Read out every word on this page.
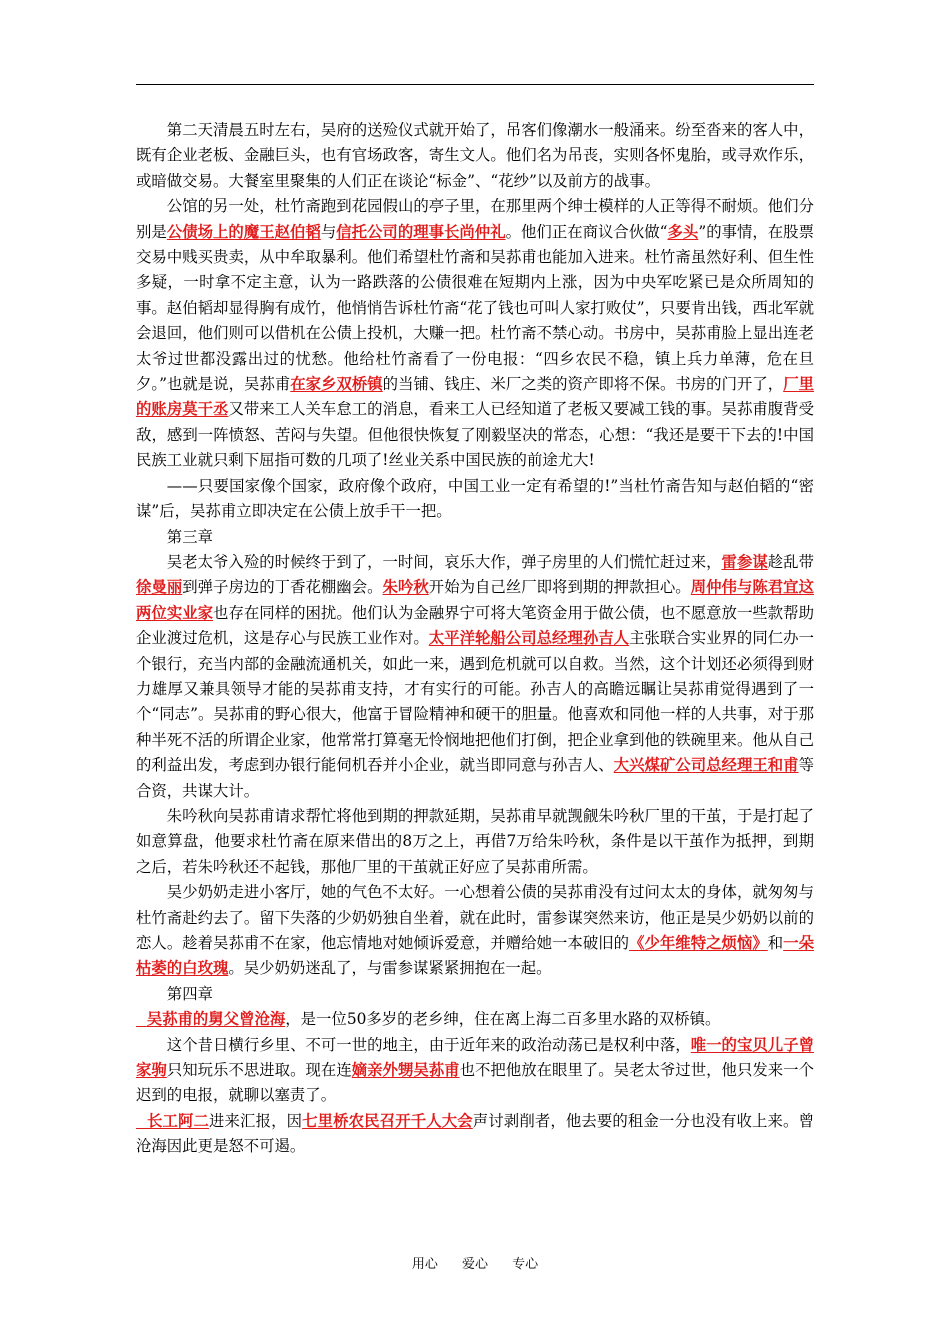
第二天清晨五时左右，吴府的送殓仪式就开始了，吊客们像潮水一般涌来。纷至沓来的客人中，既有企业老板、金融巨头，也有官场政客，寄生文人。他们名为吊丧，实则各怀鬼胎，或寻欢作乐，或暗做交易。大餐室里聚集的人们正在谈论“标金”、“花纱”以及前方的战事。

公馆的另一处，杜竹斋跑到花园假山的亭子里，在那里两个绅士模样的人正等得不耐烦。他们分别是公债场上的魔王赵伯韬与信托公司的理事长尚仲礼。他们正在商议合伙做“多头”的事情，在股票交易中贱买贵卖，从中牟取暴利。他们希望杜竹斋和吴荪甫也能加入进来。杜竹斋虽然好利、但生性多疑，一时拿不定主意，认为一路跌落的公债很难在短期内上涨，因为中央军吃紧已是众所周知的事。赵伯韬却显得胸有成竹，他悄悄告诉杜竹斋“花了钱也可叫人家打败仗”，只要肯出钱，西北军就会退回，他们则可以借机在公债上投机，大赚一把。杜竹斋不禁心动。书房中，吴荪甫脸上显出连老太爷过世都没露出过的忧愁。他给杜竹斋看了一份电报：“四乡农民不稳，镇上兵力单薄，危在旦夕。”也就是说，吴荪甫在家乡双桥镇的当铺、钱庄、米厂之类的资产即将不保。书房的门开了，厂里的账房莫干丞又带来工人关车怠工的消息，看来工人已经知道了老板又要减工钱的事。吴荪甫腹背受敌，感到一阵愤怒、苦闷与失望。但他很快恢复了刚毅坚决的常态，心想：“我还是要干下去的!中国民族工业就只剩下屈指可数的几项了!丝业关系中国民族的前途尤大!

——只要国家像个国家，政府像个政府，中国工业一定有希望的!”当杜竹斋告知与赵伯韬的“密谋”后，吴荪甫立即决定在公债上放手干一把。

第三章

吴老太爷入殓的时候终于到了，一时间，哀乐大作，弹子房里的人们慌忙赶过来，雷参谋趁乱带徐曼丽到弹子房边的丁香花棚幽会。朱吟秋开始为自己丝厂即将到期的押款担心。周仲伟与陈君宜这两位实业家也存在同样的困扰。他们认为金融界宁可将大笔资金用于做公债，也不愿意放一些款帮助企业渡过危机，这是存心与民族工业作对。太平洋轮船公司总经理孙吉人主张联合实业界的同仁办一个银行，充当内部的金融流通机关，如此一来，遇到危机就可以自救。当然，这个计划还必须得到财力雄厚又兼具领导才能的吴荪甫支持，才有实行的可能。孙吉人的高瞻远瞩让吴荪甫觉得遇到了一个“同志”。吴荪甫的野心很大，他富于冒险精神和硬干的胆量。他喜欢和同他一样的人共事，对于那种半死不活的所谓企业家，他常常打算毫无怜悯地把他们打倒，把企业拿到他的铁碗里来。他从自己的利益出发，考虑到办银行能伺机吞并小企业，就当即同意与孙吉人、大兴煤矿公司总经理王和甫等合资，共谋大计。

朱吟秋向吴荪甫请求帮忙将他到期的押款延期，吴荪甫早就觊觎朱吟秋厂里的干茧，于是打起了如意算盘，他要求杜竹斋在原来借出的8万之上，再借7万给朱吟秋，条件是以干茧作为抵押，到期之后，若朱吟秋还不起钱，那他厂里的干茧就正好应了吴荪甫所需。

吴少奶奶走进小客厅，她的气色不太好。一心想着公债的吴荪甫没有过问太太的身体，就匆匆与杜竹斋赴约去了。留下失落的少奶奶独自坐着，就在此时，雷参谋突然来访，他正是吴少奶奶以前的恋人。趁着吴荪甫不在家，他忘情地对她倾诉爱意，并赠给她一本破旧的《少年维特之烦恼》和一朵枯萎的白玫瑰。吴少奶奶迷乱了，与雷参谋紧紧拥抱在一起。

第四章

吴荪甫的舅父曾沧海，是一位50多岁的老乡绅，住在离上海二百多里水路的双桥镇。

这个昔日横行乡里、不可一世的地主，由于近年来的政治动荡已是权利中落，唯一的宝贝儿子曾家驹只知玩乐不思进取。现在连嫡亲外甥吴荪甫也不把他放在眼里了。吴老太爷过世，他只发来一个迟到的电报，就聊以塞责了。

长工阿二进来汇报，因七里桥农民召开千人大会声讨剥削者，他去要的租金一分也没有收上来。曾沧海因此更是怒不可遏。

用心 爱心 专心
